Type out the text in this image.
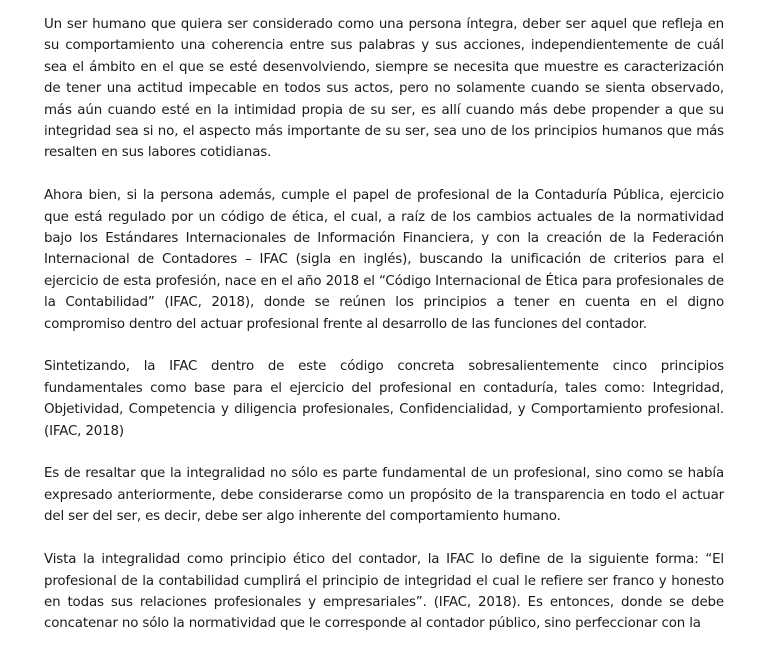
Un ser humano que quiera ser considerado como una persona íntegra, deber ser aquel que refleja en su comportamiento una coherencia entre sus palabras y sus acciones, independientemente de cuál sea el ámbito en el que se esté desenvolviendo, siempre se necesita que muestre es caracterización de tener una actitud impecable en todos sus actos, pero no solamente cuando se sienta observado, más aún cuando esté en la intimidad propia de su ser, es allí cuando más debe propender a que su integridad sea si no, el aspecto más importante de su ser, sea uno de los principios humanos que más resalten en sus labores cotidianas.

Ahora bien, si la persona además, cumple el papel de profesional de la Contaduría Pública, ejercicio que está regulado por un código de ética, el cual, a raíz de los cambios actuales de la normatividad bajo los Estándares Internacionales de Información Financiera, y con la creación de la Federación Internacional de Contadores – IFAC (sigla en inglés), buscando la unificación de criterios para el ejercicio de esta profesión, nace en el año 2018 el “Código Internacional de Ética para profesionales de la Contabilidad” (IFAC, 2018), donde se reúnen los principios a tener en cuenta en el digno compromiso dentro del actuar profesional frente al desarrollo de las funciones del contador.

Sintetizando, la IFAC dentro de este código concreta sobresalientemente cinco principios fundamentales como base para el ejercicio del profesional en contaduría, tales como: Integridad, Objetividad, Competencia y diligencia profesionales, Confidencialidad, y Comportamiento profesional. (IFAC, 2018)

Es de resaltar que la integralidad no sólo es parte fundamental de un profesional, sino como se había expresado anteriormente, debe considerarse como un propósito de la transparencia en todo el actuar del ser del ser, es decir, debe ser algo inherente del comportamiento humano.

Vista la integralidad como principio ético del contador, la IFAC lo define de la siguiente forma: “El profesional de la contabilidad cumplirá el principio de integridad el cual le refiere ser franco y honesto en todas sus relaciones profesionales y empresariales”. (IFAC, 2018). Es entonces, donde se debe concatenar no sólo la normatividad que le corresponde al contador público, sino perfeccionar con la
